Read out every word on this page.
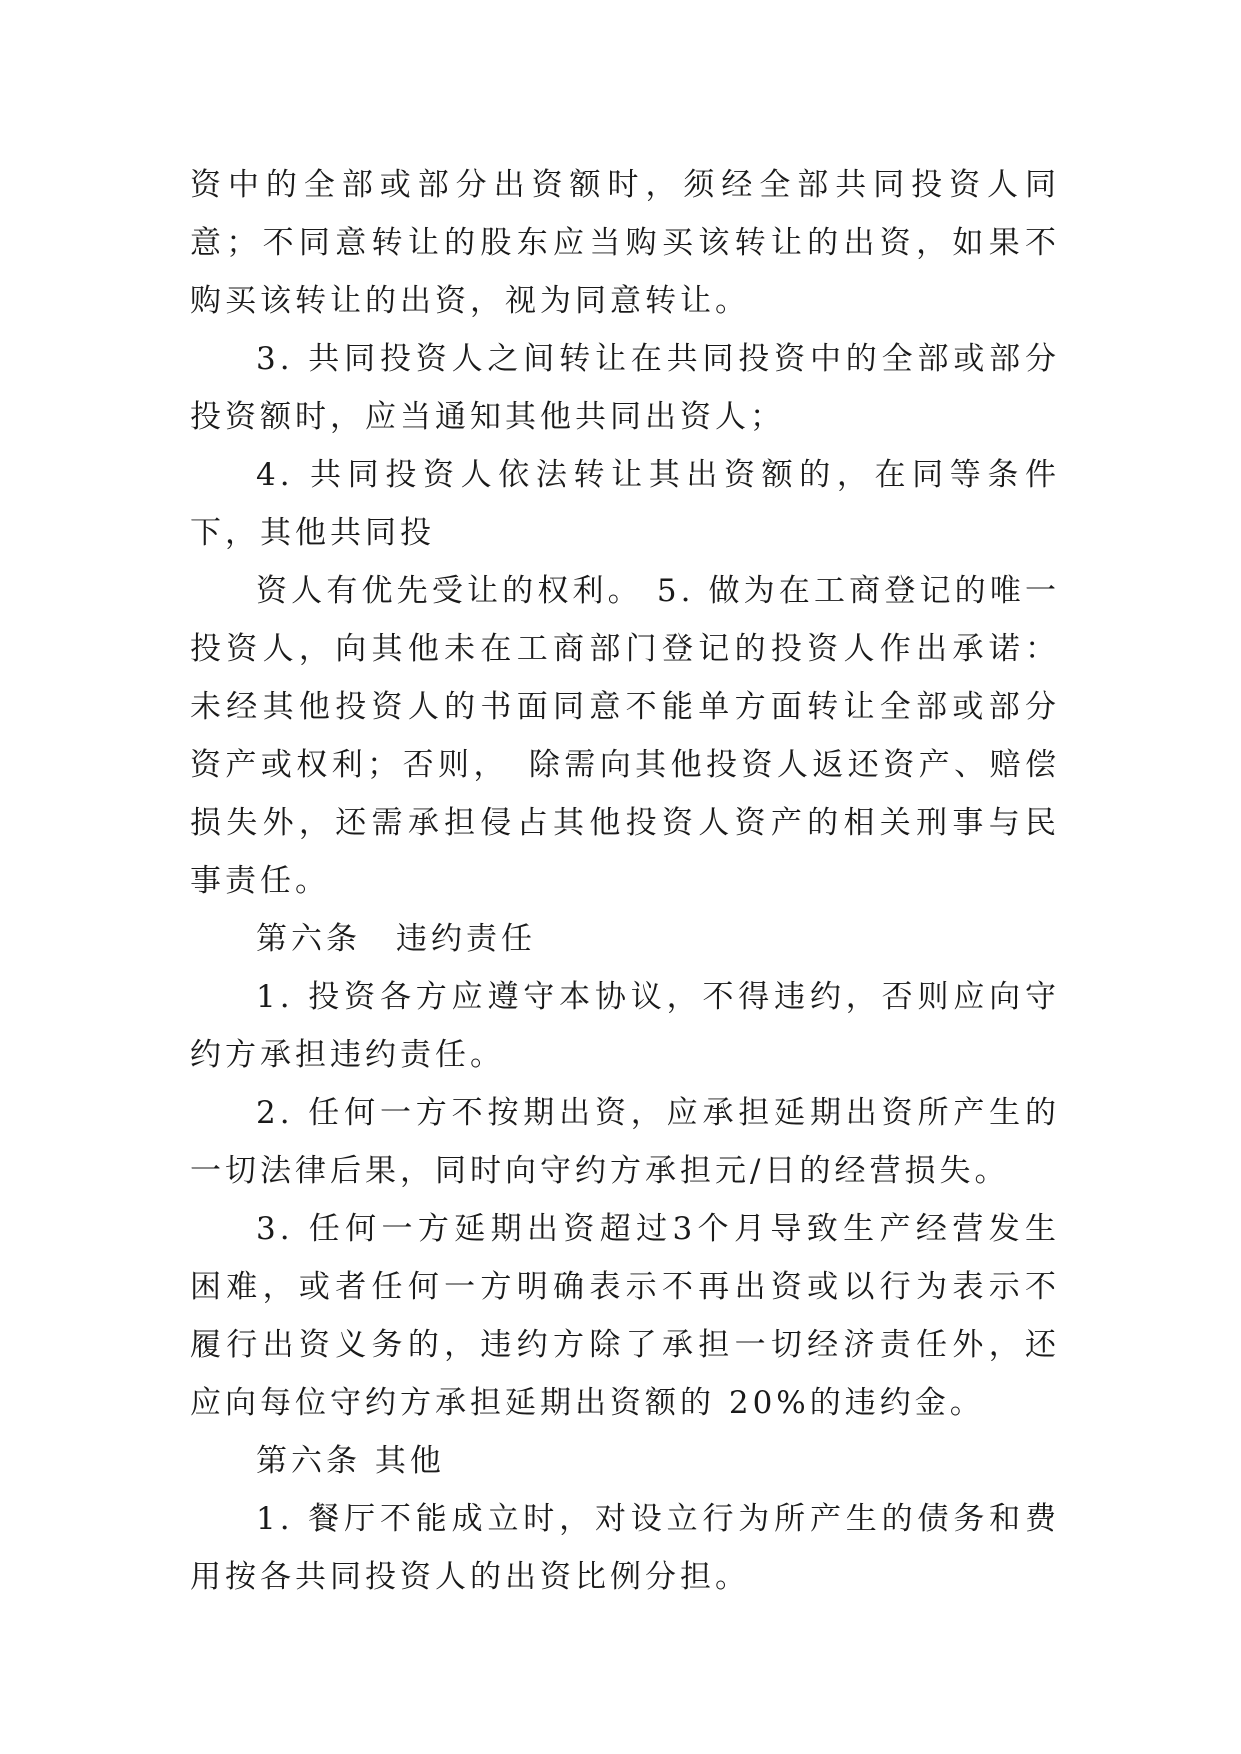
资中的全部或部分出资额时，须经全部共同投资人同意；不同意转让的股东应当购买该转让的出资，如果不购买该转让的出资，视为同意转让。

3. 共同投资人之间转让在共同投资中的全部或部分投资额时，应当通知其他共同出资人；

4. 共同投资人依法转让其出资额的，在同等条件下，其他共同投

资人有优先受让的权利。 5. 做为在工商登记的唯一投资人，向其他未在工商部门登记的投资人作出承诺：未经其他投资人的书面同意不能单方面转让全部或部分资产或权利；否则，　除需向其他投资人返还资产、赔偿损失外，还需承担侵占其他投资人资产的相关刑事与民事责任。

第六条　违约责任

1. 投资各方应遵守本协议，不得违约，否则应向守约方承担违约责任。

2. 任何一方不按期出资，应承担延期出资所产生的一切法律后果，同时向守约方承担元/日的经营损失。

3. 任何一方延期出资超过3个月导致生产经营发生困难，或者任何一方明确表示不再出资或以行为表示不履行出资义务的，违约方除了承担一切经济责任外，还应向每位守约方承担延期出资额的 20%的违约金。

第六条 其他

1. 餐厅不能成立时，对设立行为所产生的债务和费用按各共同投资人的出资比例分担。
